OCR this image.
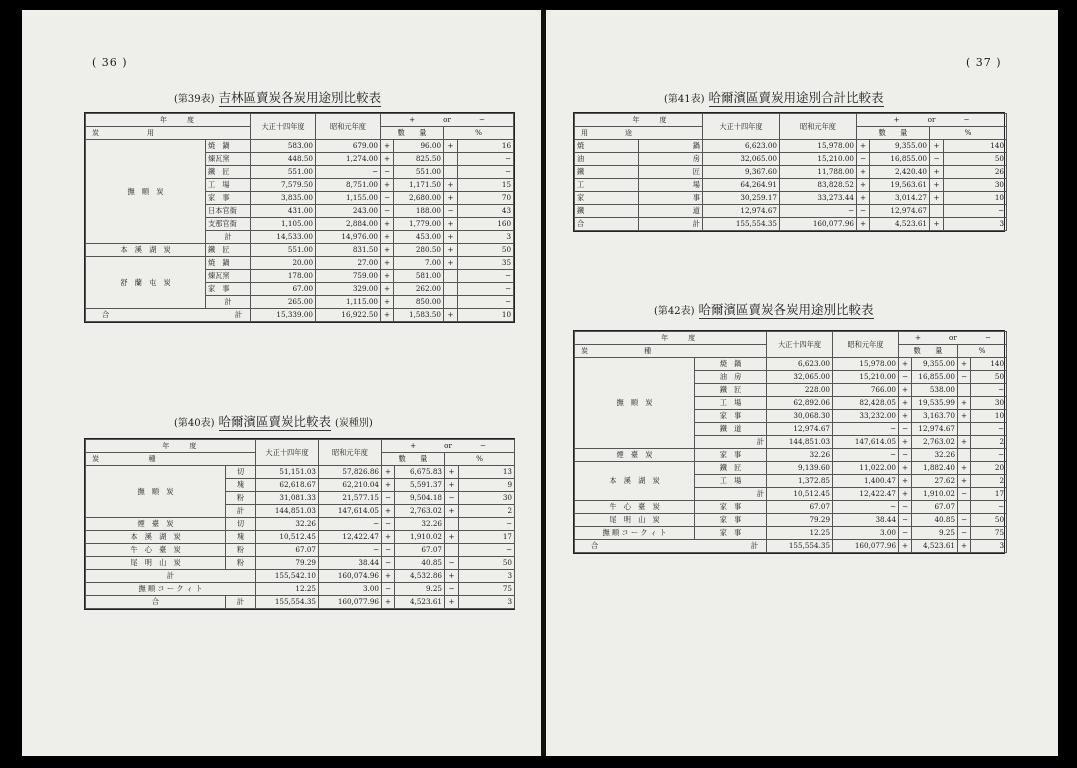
( 36 )
(第39表) 吉林區賣炭各炭用途別比較表
年 度		大正十四年度	昭和元年度	+ or −			
炭 用				數　　量		%	
撫　順　炭	焼　鍋	583.00	679.00	+	96.00	+	16
	煉瓦窯	448.50	1,274.00	+	825.50		−
	鐵　匠	551.00	−	−	551.00		−
	工　場	7,579.50	8,751.00	+	1,171.50	+	15
	家　事	3,835.00	1,155.00	−	2,680.00	+	70
	日本官衙	431.00	243.00	−	188.00	−	43
	支那官衙	1,105.00	2,884.00	+	1,779.00	+	160
	計	14,533.00	14,976.00	+	453.00	+	3
本　溪　湖　炭	鐵　匠	551.00	831.50	+	280.50	+	50
舒　蘭　屯　炭	焼　鍋	20.00	27.00	+	7.00	+	35
	煉瓦窯	178.00	759.00	+	581.00		−
	家　事	67.00	329.00	+	262.00		−
	計	265.00	1,115.00	+	850.00		−
合 計		15,339.00	16,922.50	+	1,583.50	+	10
(第40表) 哈爾濱區賣炭比較表 (炭種別)
年 度		大正十四年度	昭和元年度	+ or −			
炭 種				數　　量		%	
撫　順　炭	切	51,151.03	57,826.86	+	6,675.83	+	13
	塊	62,618.67	62,210.04	+	5,591.37	+	9
	粉	31,081.33	21,577.15	−	9,504.18	−	30
	計	144,851.03	147,614.05	+	2,763.02	+	2
煙　臺　炭	切	32.26	−	−	32.26		−
本　溪　湖　炭	塊	10,512.45	12,422.47	+	1,910.02	+	17
牛　心　臺　炭	粉	67.07	−	−	67.07		−
尾　明　山　炭	粉	79.29	38.44	−	40.85	−	50
計		155,542.10	160,074.96	+	4,532.86	+	3
撫 順 コ ー ク ィ ト		12.25	3.00	−	9.25	−	75
合	計	155,554.35	160,077.96	+	4,523.61	+	3
( 37 )
(第41表) 哈爾濱區賣炭用途別合計比較表
年 度		大正十四年度	昭和元年度	+ or −			
用 途				數　　量		%	
焼	鍋	6,623.00	15,978.00	+	9,355.00	+	140
油	房	32,065.00	15,210.00	−	16,855.00	−	50
鐵	匠	9,367.60	11,788.00	+	2,420.40	+	26
工	場	64,264.91	83,828.52	+	19,563.61	+	30
家	事	30,259.17	33,273.44	+	3,014.27	+	10
鐵	道	12,974.67	−	−	12,974.67		−
合	計	155,554.35	160,077.96	+	4,523.61	+	3
(第42表) 哈爾濱區賣炭各炭用途別比較表
年 度		大正十四年度	昭和元年度	+ or −			
炭 種				數　　量		%	
撫　順　炭	焼　鍋	6,623.00	15,978.00	+	9,355.00	+	140
	油　房	32,065.00	15,210.00	−	16,855.00	−	50
	鐵　匠	228.00	766.00	+	538.00		−
	工　場	62,892.06	82,428.05	+	19,535.99	+	30
	家　事	30,068.30	33,232.00	+	3,163.70	+	10
	鐵　道	12,974.67	−	−	12,974.67		−
	計	144,851.03	147,614.05	+	2,763.02	+	2
煙　臺　炭	家　事	32.26	−	−	32.26		−
本　溪　湖　炭	鐵　匠	9,139.60	11,022.00	+	1,882.40	+	20
	工　場	1,372.85	1,400.47	+	27.62	+	2
	計	10,512.45	12,422.47	+	1,910.02	−	17
牛　心　臺　炭	家　事	67.07	−	−	67.07		−
尾　明　山　炭	家　事	79.29	38.44	−	40.85	−	50
撫 順 コ ー ク ィ ト	家　事	12.25	3.00	−	9.25	−	75
合 計		155,554.35	160,077.96	+	4,523.61	+	3
